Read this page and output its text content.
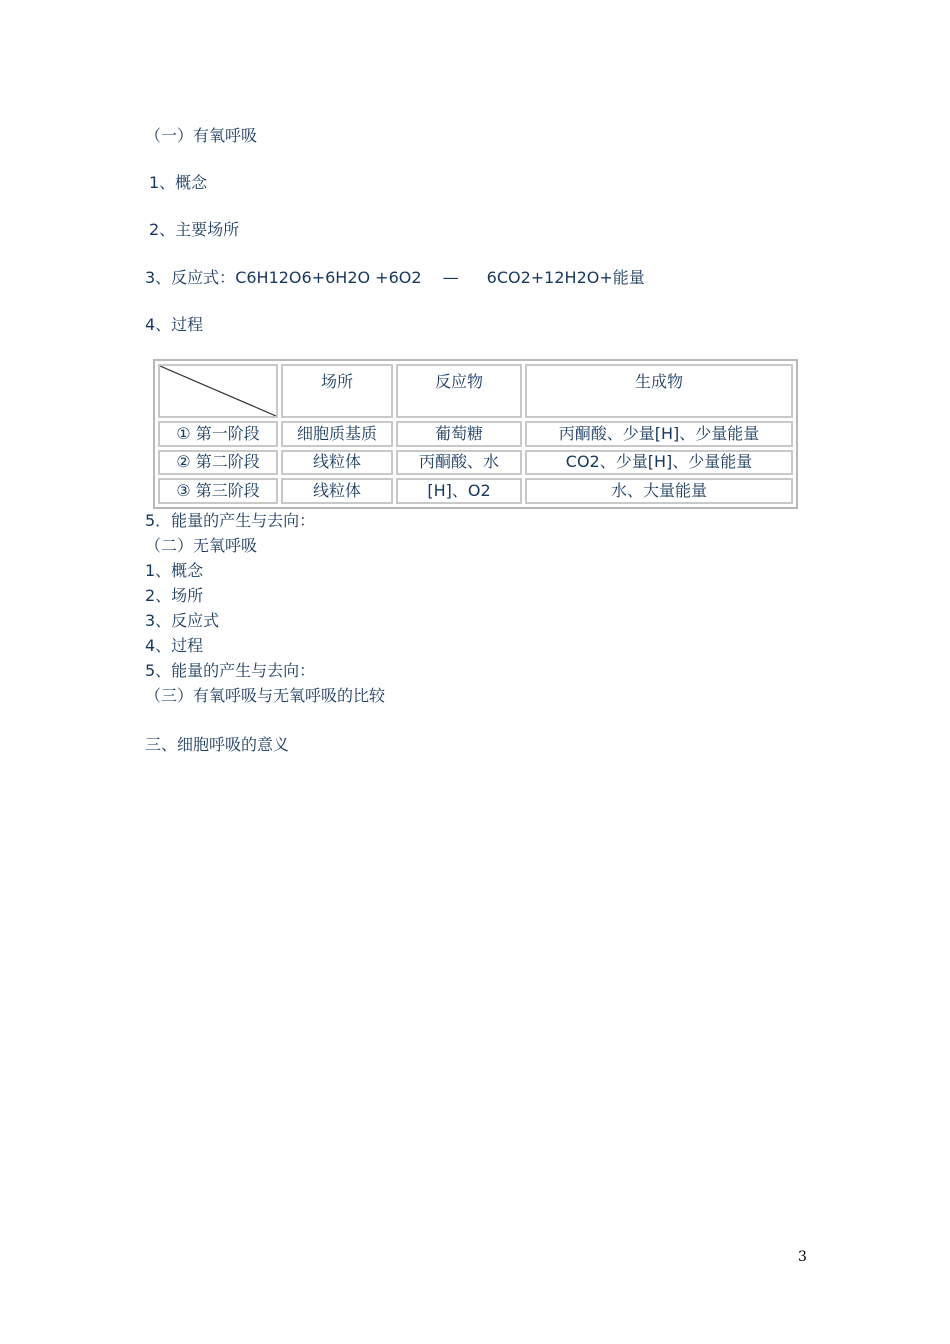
（一）有氧呼吸
1、概念
2、主要场所
3、反应式：C6H12O6+6H2O +6O2 — 6CO2+12H2O+能量
4、过程
	场所	反应物	生成物
① 第一阶段	细胞质基质	葡萄糖	丙酮酸、少量[H]、少量能量
② 第二阶段	线粒体	丙酮酸、水	CO2、少量[H]、少量能量
③ 第三阶段	线粒体	[H]、O2	水、大量能量
5．能量的产生与去向：
（二）无氧呼吸
1、概念
2、场所
3、反应式
4、过程
5、能量的产生与去向：
（三）有氧呼吸与无氧呼吸的比较
三、细胞呼吸的意义
3
